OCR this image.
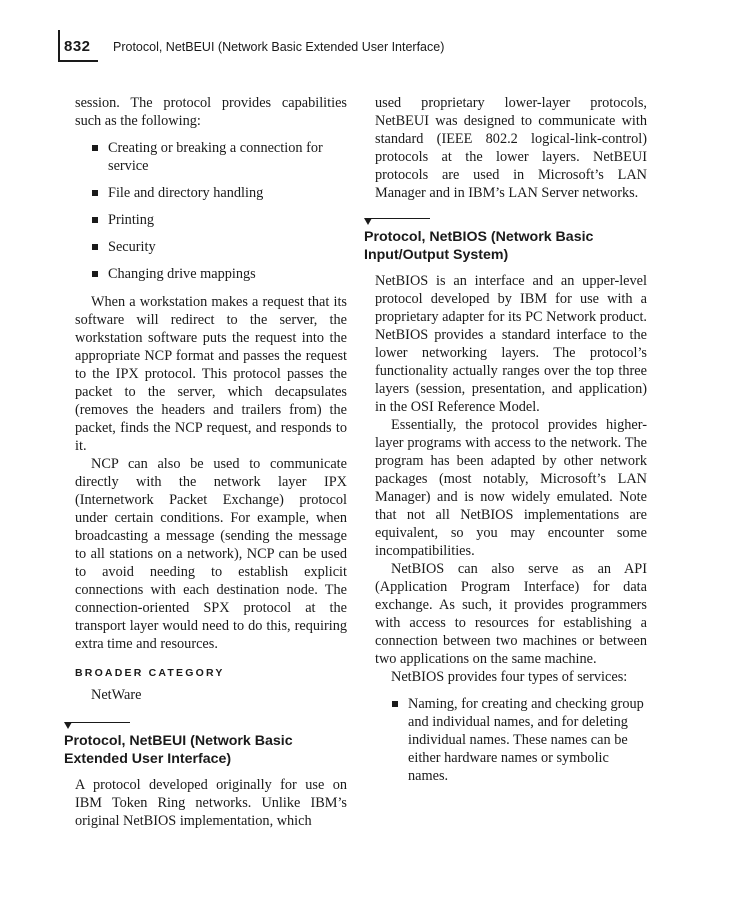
832 Protocol, NetBEUI (Network Basic Extended User Interface)

session. The protocol provides capabilities such as the following:

Creating or breaking a connection for service
File and directory handling
Printing
Security
Changing drive mappings

When a workstation makes a request that its software will redirect to the server, the workstation software puts the request into the appropriate NCP format and passes the request to the IPX protocol. This protocol passes the packet to the server, which decapsulates (removes the headers and trailers from) the packet, finds the NCP request, and responds to it.

NCP can also be used to communicate directly with the network layer IPX (Internetwork Packet Exchange) protocol under certain conditions. For example, when broadcasting a message (sending the message to all stations on a network), NCP can be used to avoid needing to establish explicit connections with each destination node. The connection-oriented SPX protocol at the transport layer would need to do this, requiring extra time and resources.

BROADER CATEGORY
NetWare
Protocol, NetBEUI (Network Basic Extended User Interface)

A protocol developed originally for use on IBM Token Ring networks. Unlike IBM’s original NetBIOS implementation, which

used proprietary lower-layer protocols, NetBEUI was designed to communicate with standard (IEEE 802.2 logical-link-control) protocols at the lower layers. NetBEUI protocols are used in Microsoft’s LAN Manager and in IBM’s LAN Server networks.

Protocol, NetBIOS (Network Basic Input/Output System)

NetBIOS is an interface and an upper-level protocol developed by IBM for use with a proprietary adapter for its PC Network product. NetBIOS provides a standard interface to the lower networking layers. The protocol’s functionality actually ranges over the top three layers (session, presentation, and application) in the OSI Reference Model.

Essentially, the protocol provides higher-layer programs with access to the network. The program has been adapted by other network packages (most notably, Microsoft’s LAN Manager) and is now widely emulated. Note that not all NetBIOS implementations are equivalent, so you may encounter some incompatibilities.

NetBIOS can also serve as an API (Application Program Interface) for data exchange. As such, it provides programmers with access to resources for establishing a connection between two machines or between two applications on the same machine.

NetBIOS provides four types of services:

Naming, for creating and checking group and individual names, and for deleting individual names. These names can be either hardware names or symbolic names.
